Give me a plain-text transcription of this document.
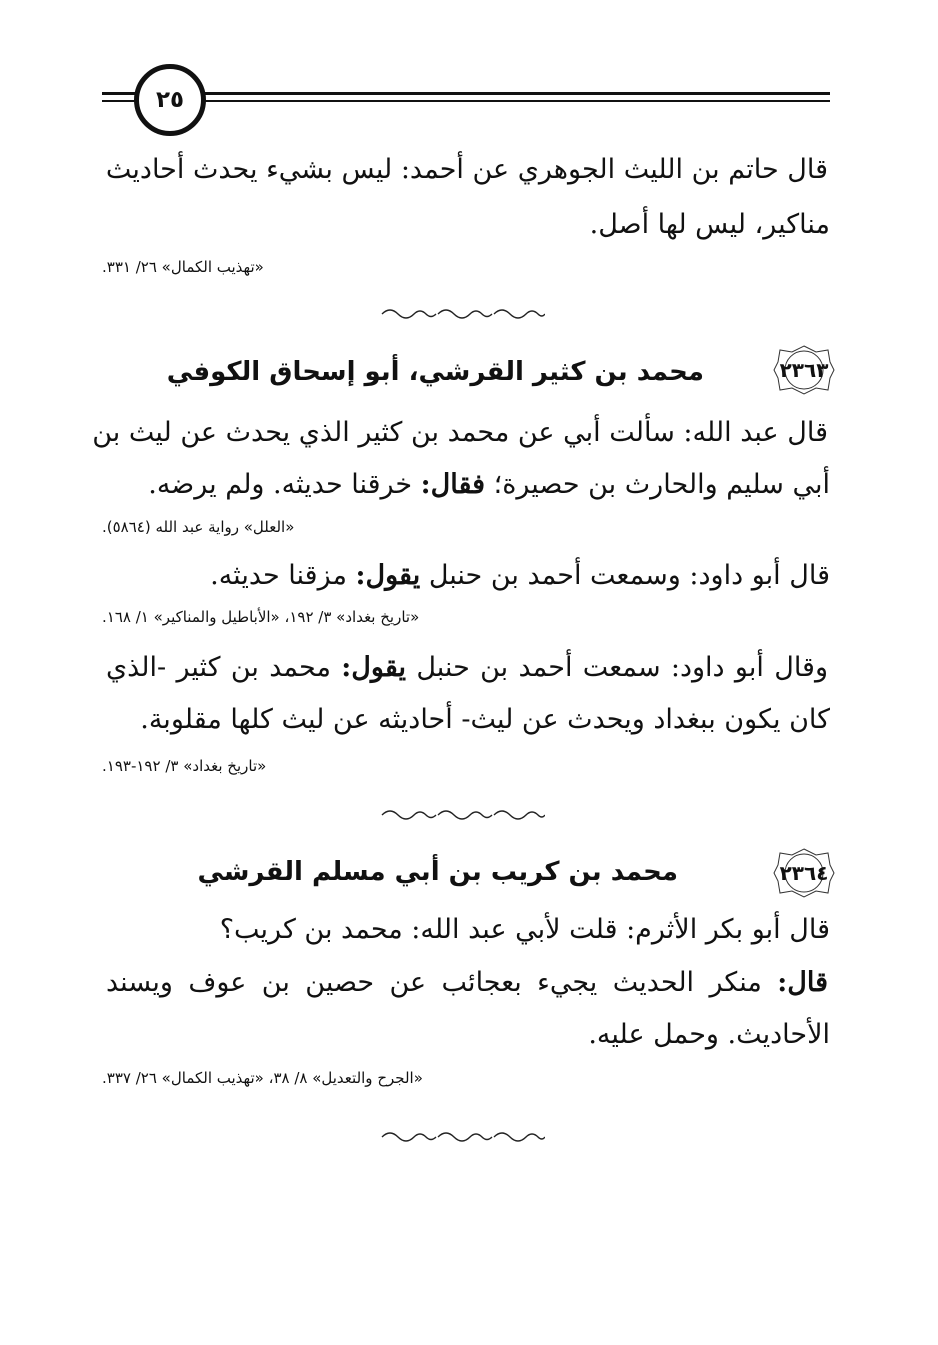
٢٥
قال حاتم بن الليث الجوهري عن أحمد: ليس بشيء يحدث أحاديث
مناكير، ليس لها أصل.
«تهذيب الكمال» ٢٦/ ٣٣١.
٢٣٦٣
محمد بن كثير القرشي، أبو إسحاق الكوفي
قال عبد الله: سألت أبي عن محمد بن كثير الذي يحدث عن ليث بن
أبي سليم والحارث بن حصيرة؛ فقال: خرقنا حديثه. ولم يرضه.
«العلل» رواية عبد الله (٥٨٦٤).
قال أبو داود: وسمعت أحمد بن حنبل يقول: مزقنا حديثه.
«تاريخ بغداد» ٣/ ١٩٢، «الأباطيل والمناكير» ١/ ١٦٨.
وقال أبو داود: سمعت أحمد بن حنبل يقول: محمد بن كثير -الذي
كان يكون ببغداد ويحدث عن ليث- أحاديثه عن ليث كلها مقلوبة.
«تاريخ بغداد» ٣/ ١٩٢-١٩٣.
٢٣٦٤
محمد بن كريب بن أبي مسلم القرشي
قال أبو بكر الأثرم: قلت لأبي عبد الله: محمد بن كريب؟
قال: منكر الحديث يجيء بعجائب عن حصين بن عوف ويسند
الأحاديث. وحمل عليه.
«الجرح والتعديل» ٨/ ٣٨، «تهذيب الكمال» ٢٦/ ٣٣٧.
